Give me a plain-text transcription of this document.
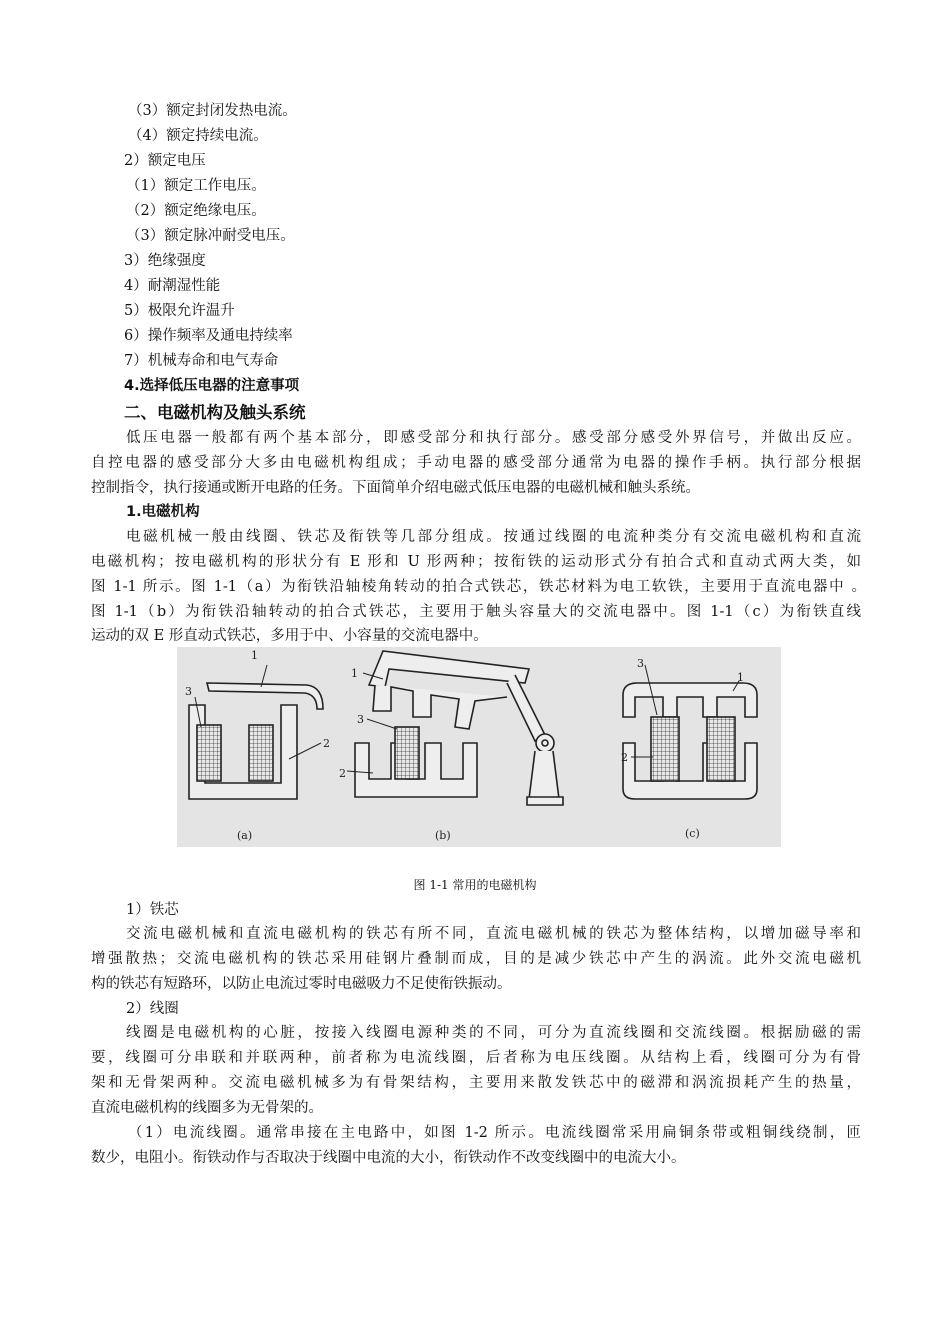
（3）额定封闭发热电流。
（4）额定持续电流。
2）额定电压
（1）额定工作电压。
（2）额定绝缘电压。
（3）额定脉冲耐受电压。
3）绝缘强度
4）耐潮湿性能
5）极限允许温升
6）操作频率及通电持续率
7）机械寿命和电气寿命
4.选择低压电器的注意事项
二、电磁机构及触头系统
低压电器一般都有两个基本部分，即感受部分和执行部分。感受部分感受外界信号，并做出反应。
自控电器的感受部分大多由电磁机构组成；手动电器的感受部分通常为电器的操作手柄。执行部分根据
控制指令，执行接通或断开电路的任务。下面简单介绍电磁式低压电器的电磁机械和触头系统。
1.电磁机构
电磁机械一般由线圈、铁芯及衔铁等几部分组成。按通过线圈的电流种类分有交流电磁机构和直流
电磁机构；按电磁机构的形状分有 E 形和 U 形两种；按衔铁的运动形式分有拍合式和直动式两大类，如
图 1-1 所示。图 1-1（a）为衔铁沿轴棱角转动的拍合式铁芯，铁芯材料为电工软铁，主要用于直流电器中 。
图 1-1（b）为衔铁沿轴转动的拍合式铁芯，主要用于触头容量大的交流电器中。图 1-1（c）为衔铁直线
运动的双 E 形直动式铁芯，多用于中、小容量的交流电器中。
1
3
2
(a)
1
3
2
(b)
3
1
2
(c)
图 1-1 常用的电磁机构
1）铁芯
交流电磁机械和直流电磁机构的铁芯有所不同，直流电磁机械的铁芯为整体结构，以增加磁导率和
增强散热；交流电磁机构的铁芯采用硅钢片叠制而成，目的是减少铁芯中产生的涡流。此外交流电磁机
构的铁芯有短路环，以防止电流过零时电磁吸力不足使衔铁振动。
2）线圈
线圈是电磁机构的心脏，按接入线圈电源种类的不同，可分为直流线圈和交流线圈。根据励磁的需
要，线圈可分串联和并联两种，前者称为电流线圈，后者称为电压线圈。从结构上看，线圈可分为有骨
架和无骨架两种。交流电磁机械多为有骨架结构，主要用来散发铁芯中的磁滞和涡流损耗产生的热量，
直流电磁机构的线圈多为无骨架的。
（1）电流线圈。通常串接在主电路中，如图 1-2 所示。电流线圈常采用扁铜条带或粗铜线绕制，匝
数少，电阻小。衔铁动作与否取决于线圈中电流的大小，衔铁动作不改变线圈中的电流大小。
